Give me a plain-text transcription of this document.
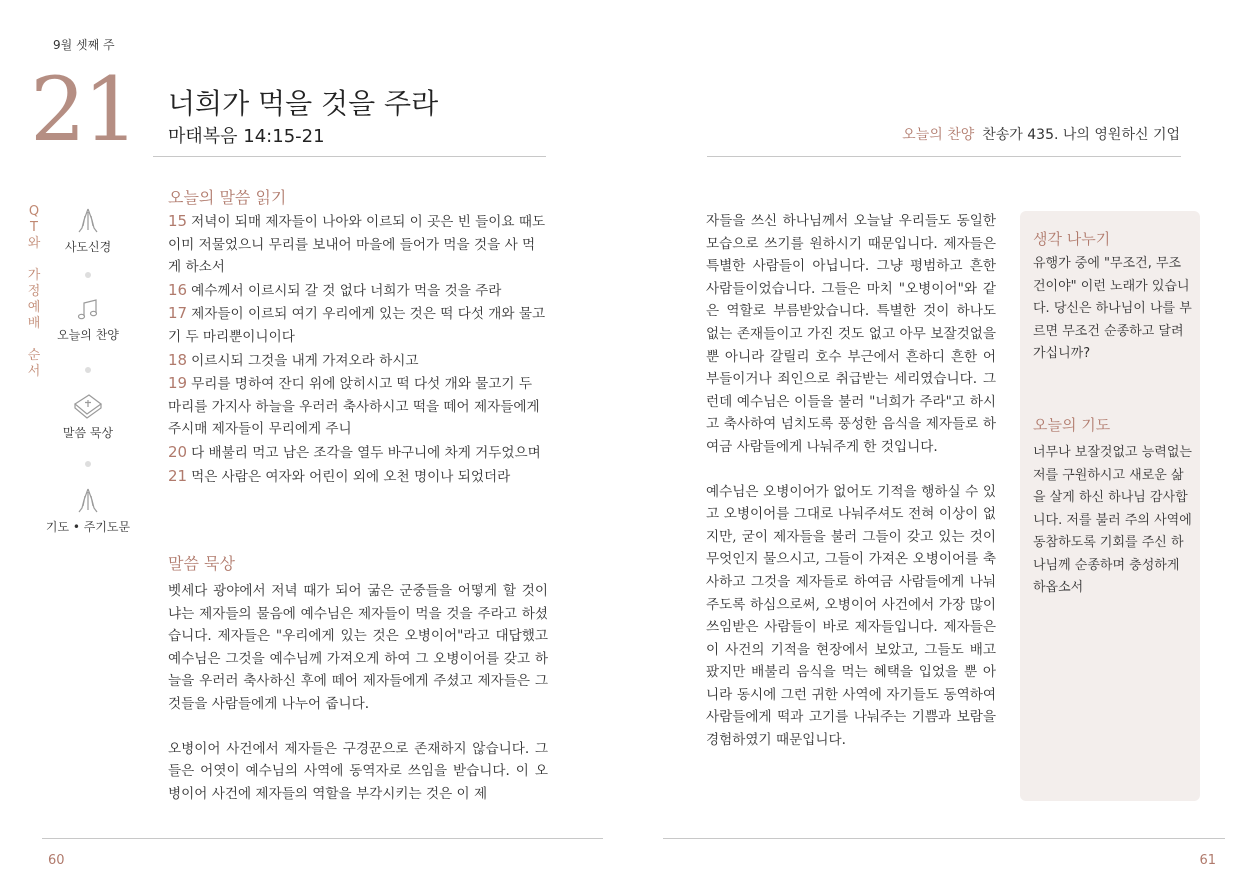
9월 셋째 주
21 너희가 먹을 것을 주라
마태복음 14:15-21	오늘의 찬양 찬송가 435. 나의 영원하신 기업
Q
T
와
가
정
예
배
순
서
사도신경
오늘의 찬양
말씀 묵상
기도 • 주기도문
오늘의 말씀 읽기
15 저녁이 되매 제자들이 나아와 이르되 이 곳은 빈 들이요 때도 이미 저물었으니 무리를 보내어 마을에 들어가 먹을 것을 사 먹게 하소서
16 예수께서 이르시되 갈 것 없다 너희가 먹을 것을 주라
17 제자들이 이르되 여기 우리에게 있는 것은 떡 다섯 개와 물고기 두 마리뿐이니이다
18 이르시되 그것을 내게 가져오라 하시고
19 무리를 명하여 잔디 위에 앉히시고 떡 다섯 개와 물고기 두 마리를 가지사 하늘을 우러러 축사하시고 떡을 떼어 제자들에게 주시매 제자들이 무리에게 주니
20 다 배불리 먹고 남은 조각을 열두 바구니에 차게 거두었으며
21 먹은 사람은 여자와 어린이 외에 오천 명이나 되었더라
말씀 묵상

벳세다 광야에서 저녁 때가 되어 굶은 군중들을 어떻게 할 것이냐는 제자들의 물음에 예수님은 제자들이 먹을 것을 주라고 하셨습니다. 제자들은 "우리에게 있는 것은 오병이어"라고 대답했고 예수님은 그것을 예수님께 가져오게 하여 그 오병이어를 갖고 하늘을 우러러 축사하신 후에 떼어 제자들에게 주셨고 제자들은 그것들을 사람들에게 나누어 줍니다.

오병이어 사건에서 제자들은 구경꾼으로 존재하지 않습니다. 그들은 어엿이 예수님의 사역에 동역자로 쓰임을 받습니다. 이 오병이어 사건에 제자들의 역할을 부각시키는 것은 이 제

자들을 쓰신 하나님께서 오늘날 우리들도 동일한 모습으로 쓰기를 원하시기 때문입니다. 제자들은 특별한 사람들이 아닙니다. 그냥 평범하고 흔한 사람들이었습니다. 그들은 마치 "오병이어"와 같은 역할로 부름받았습니다. 특별한 것이 하나도 없는 존재들이고 가진 것도 없고 아무 보잘것없을 뿐 아니라 갈릴리 호수 부근에서 흔하디 흔한 어부들이거나 죄인으로 취급받는 세리였습니다. 그런데 예수님은 이들을 불러 "너희가 주라"고 하시고 축사하여 넘치도록 풍성한 음식을 제자들로 하여금 사람들에게 나눠주게 한 것입니다.

예수님은 오병이어가 없어도 기적을 행하실 수 있고 오병이어를 그대로 나눠주셔도 전혀 이상이 없지만, 굳이 제자들을 불러 그들이 갖고 있는 것이 무엇인지 물으시고, 그들이 가져온 오병이어를 축사하고 그것을 제자들로 하여금 사람들에게 나눠주도록 하심으로써, 오병이어 사건에서 가장 많이 쓰임받은 사람들이 바로 제자들입니다. 제자들은 이 사건의 기적을 현장에서 보았고, 그들도 배고팠지만 배불리 음식을 먹는 혜택을 입었을 뿐 아니라 동시에 그런 귀한 사역에 자기들도 동역하여 사람들에게 떡과 고기를 나눠주는 기쁨과 보람을 경험하였기 때문입니다.

생각 나누기
유행가 중에 "무조건, 무조건이야" 이런 노래가 있습니다. 당신은 하나님이 나를 부르면 무조건 순종하고 달려가십니까?
오늘의 기도
너무나 보잘것없고 능력없는 저를 구원하시고 새로운 삶을 살게 하신 하나님 감사합니다. 저를 불러 주의 사역에 동참하도록 기회를 주신 하나님께 순종하며 충성하게 하옵소서
60	61
